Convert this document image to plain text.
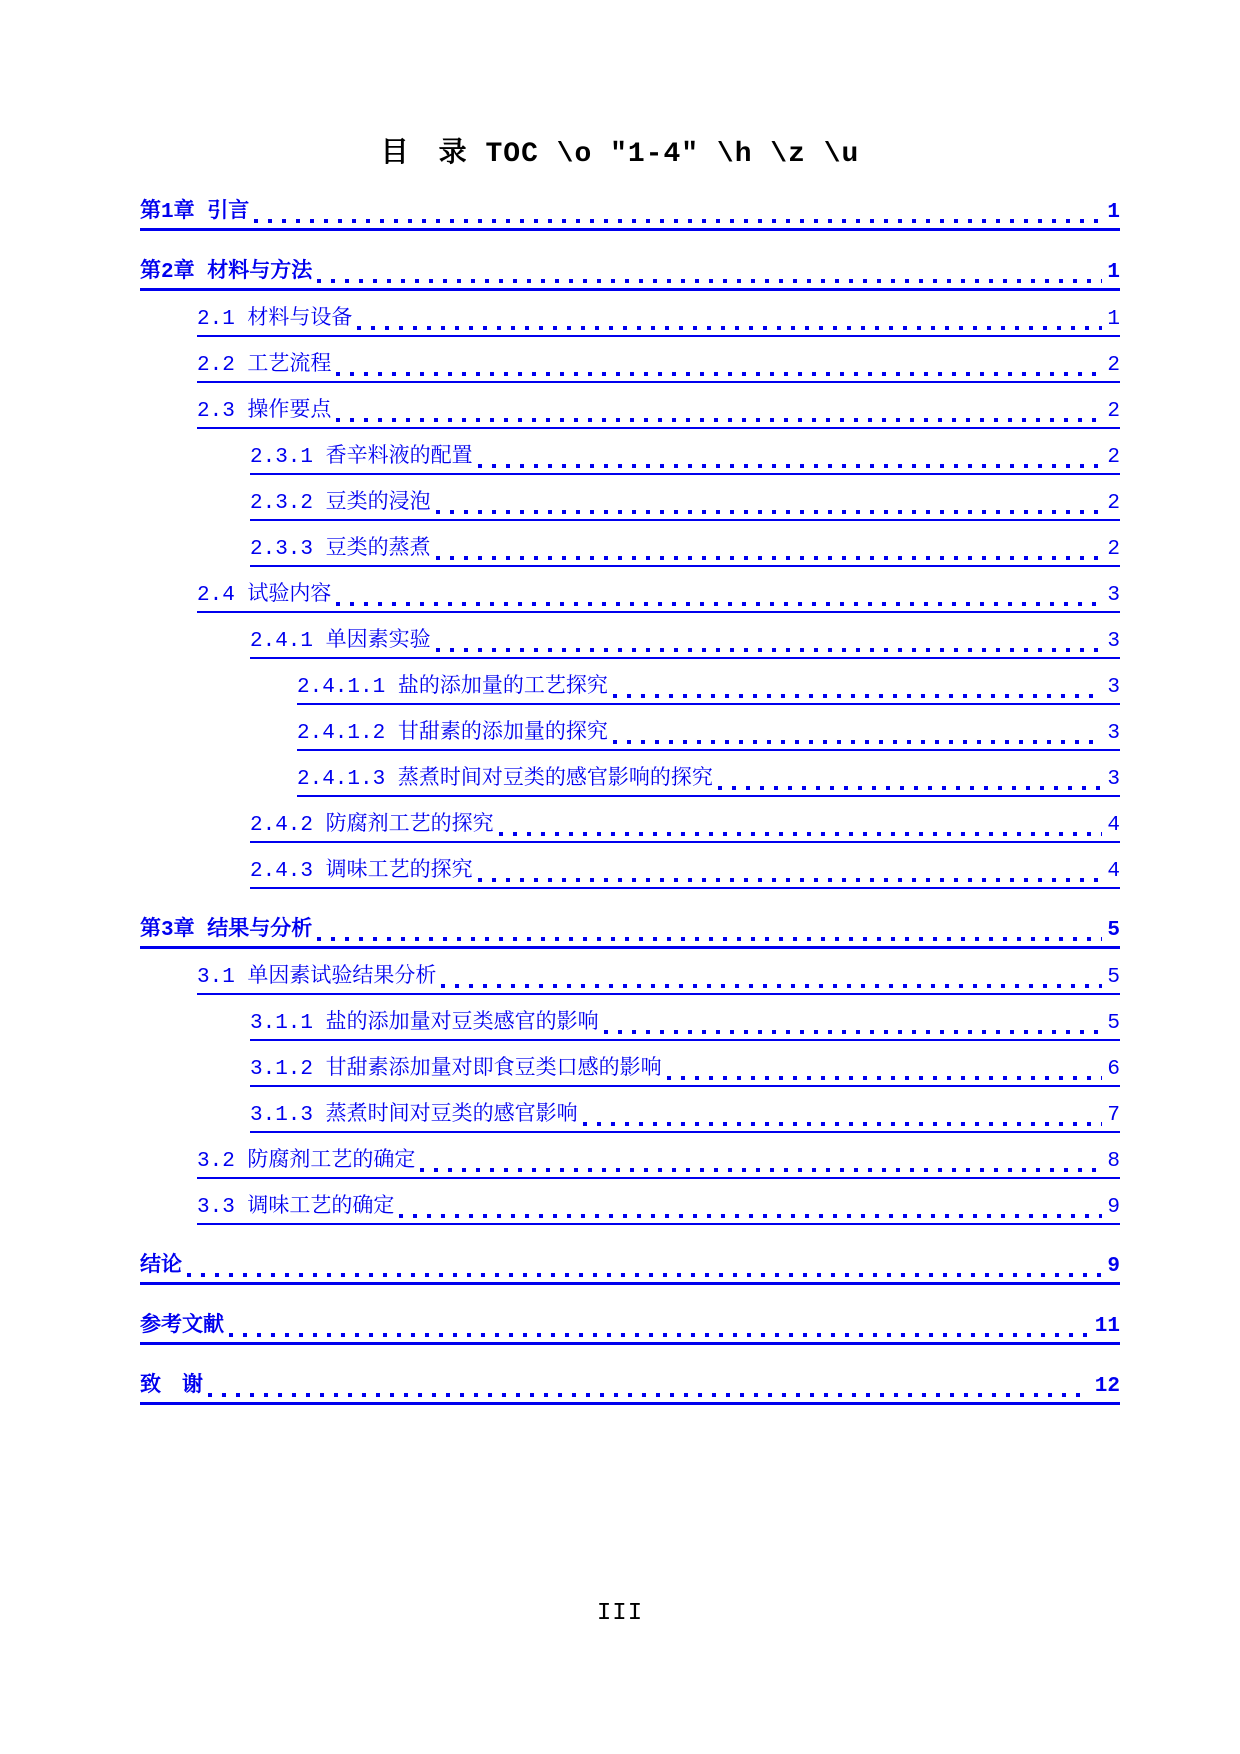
目　录 TOC \o ″1-4″ \h \z \u
第1章 引言	1
第2章 材料与方法	1
2.1 材料与设备	1
2.2 工艺流程	2
2.3 操作要点	2
2.3.1 香辛料液的配置	2
2.3.2 豆类的浸泡	2
2.3.3 豆类的蒸煮	2
2.4 试验内容	3
2.4.1 单因素实验	3
2.4.1.1 盐的添加量的工艺探究	3
2.4.1.2 甘甜素的添加量的探究	3
2.4.1.3 蒸煮时间对豆类的感官影响的探究	3
2.4.2 防腐剂工艺的探究	4
2.4.3 调味工艺的探究	4
第3章 结果与分析	5
3.1 单因素试验结果分析	5
3.1.1 盐的添加量对豆类感官的影响	5
3.1.2 甘甜素添加量对即食豆类口感的影响	6
3.1.3 蒸煮时间对豆类的感官影响	7
3.2 防腐剂工艺的确定	8
3.3 调味工艺的确定	9
结论	9
参考文献	11
致　谢	12
III
